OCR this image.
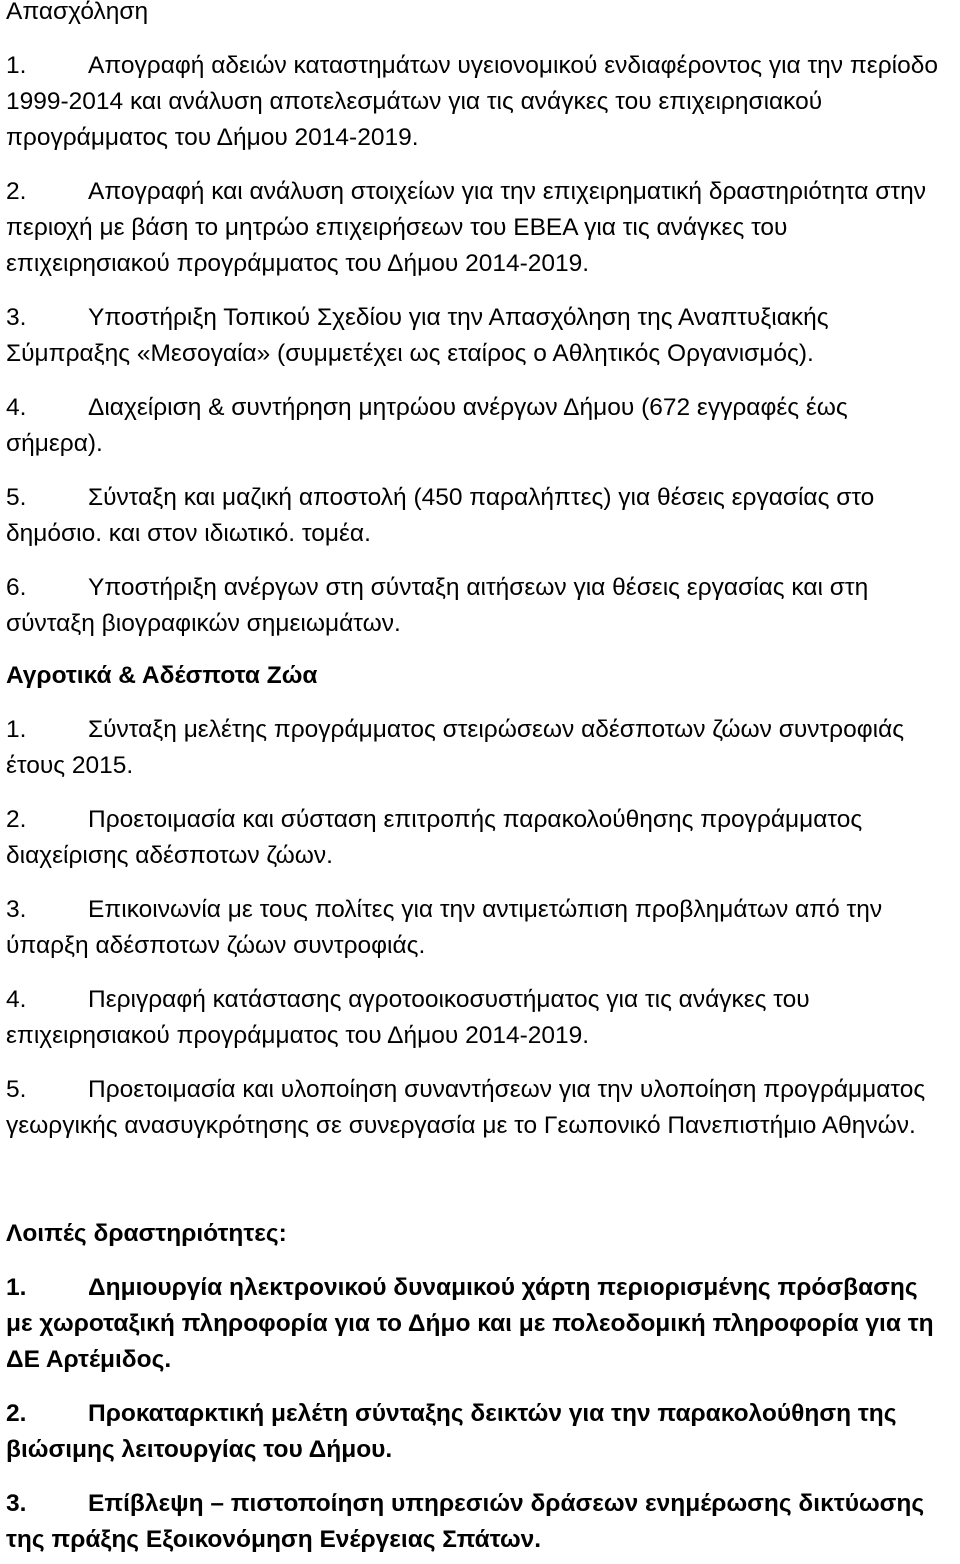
Απασχόληση

1.	Απογραφή αδειών καταστημάτων υγειονομικού ενδιαφέροντος για την περίοδο 1999-2014 και ανάλυση αποτελεσμάτων για τις ανάγκες του επιχειρησιακού προγράμματος του Δήμου 2014-2019.

2.	Απογραφή και ανάλυση στοιχείων για την επιχειρηματική δραστηριότητα στην περιοχή με βάση το μητρώο επιχειρήσεων του ΕΒΕΑ για τις ανάγκες του επιχειρησιακού προγράμματος του Δήμου 2014-2019.

3.	Υποστήριξη Τοπικού Σχεδίου για την Απασχόληση της Αναπτυξιακής Σύμπραξης «Μεσογαία» (συμμετέχει ως εταίρος ο Αθλητικός Οργανισμός).

4.	Διαχείριση & συντήρηση μητρώου ανέργων Δήμου (672 εγγραφές έως σήμερα).

5.	Σύνταξη και μαζική αποστολή (450 παραλήπτες) για θέσεις εργασίας στο δημόσιο. και στον ιδιωτικό. τομέα.

6.	Υποστήριξη ανέργων στη σύνταξη αιτήσεων για θέσεις εργασίας και στη σύνταξη βιογραφικών σημειωμάτων.

Αγροτικά & Αδέσποτα Ζώα

1.	Σύνταξη μελέτης προγράμματος στειρώσεων αδέσποτων ζώων συντροφιάς έτους 2015.

2.	Προετοιμασία και σύσταση επιτροπής παρακολούθησης προγράμματος διαχείρισης αδέσποτων ζώων.

3.	Επικοινωνία με τους πολίτες για την αντιμετώπιση προβλημάτων από την ύπαρξη αδέσποτων ζώων συντροφιάς.

4.	Περιγραφή κατάστασης αγροτοοικοσυστήματος για τις ανάγκες του επιχειρησιακού προγράμματος του Δήμου 2014-2019.

5.	Προετοιμασία και υλοποίηση συναντήσεων για την υλοποίηση προγράμματος γεωργικής ανασυγκρότησης σε συνεργασία με το Γεωπονικό Πανεπιστήμιο Αθηνών.

Λοιπές δραστηριότητες:

1.	Δημιουργία ηλεκτρονικού δυναμικού χάρτη περιορισμένης πρόσβασης με χωροταξική πληροφορία για το Δήμο και με πολεοδομική πληροφορία για τη ΔΕ Αρτέμιδος.

2.	Προκαταρκτική μελέτη σύνταξης δεικτών για την παρακολούθηση της βιώσιμης λειτουργίας του Δήμου.

3.	Επίβλεψη – πιστοποίηση υπηρεσιών δράσεων ενημέρωσης δικτύωσης της πράξης Εξοικονόμηση Ενέργειας Σπάτων.
